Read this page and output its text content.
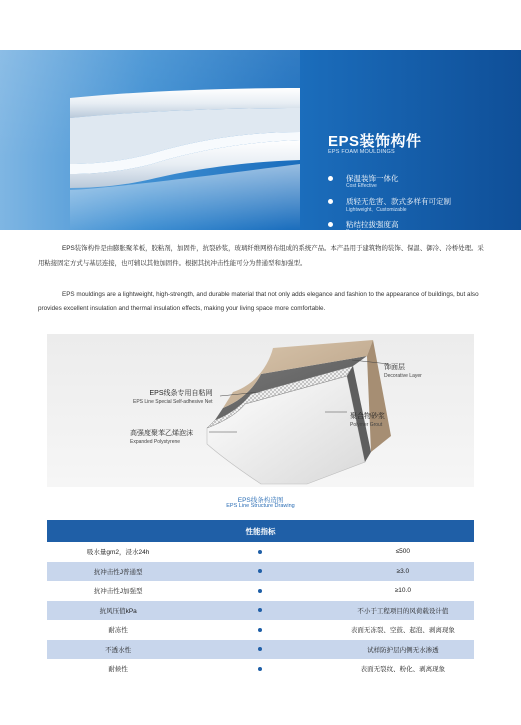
EPS装饰构件

EPS FOAM MOULDINGS

保温装饰一体化
Cost Effective
质轻无危害、款式多样有可定制
Lightweight、Customizable
粘结拉拔强度高

EPS装饰构件是由膨胀聚苯板，胶粘剂，加固件，抗裂砂浆，玻璃纤维网格布组成的系统产品。本产品用于建筑物的装饰、保温、御冷、冷桥处理。采用粘接固定方式与基层连接，也可辅以其他加固件。根据其抗冲击性能可分为普通型和加强型。

EPS mouldings are a lightweight, high-strength, and durable material that not only adds elegance and fashion to the appearance of buildings, but also provides excellent insulation and thermal insulation effects, making your living space more comfortable.

EPS线条专用自粘网
EPS Line Special Self-adhesive Net
饰面层
Decorative Layer
聚合物砂浆
Polymer Grout
高强度聚苯乙烯泡沫
Expanded Polystyrene

EPS线条构造图

EPS Line Structure Drawing

性能指标		
吸水量gm2，浸水24h		≤500
抗冲击性J普通型		≥3.0
抗冲击性J加强型		≥10.0
抗风压值kPa		不小于工程项目的风荷载设计值
耐冻性		表面无冻裂、空鼓、起泡、剥离现象
不透水性		试样防护层内侧无水渗透
耐候性		表面无裂纹、粉化、剥离现象
